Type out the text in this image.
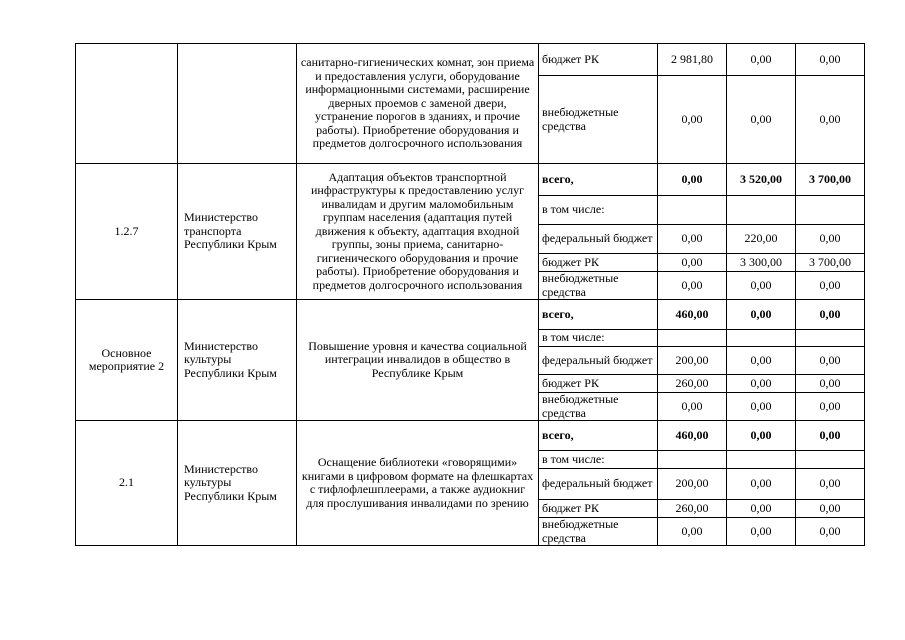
		санитарно-гигиенических комнат, зон приема и предоставления услуги, оборудование информационными системами, расширение дверных проемов с заменой двери, устранение порогов в зданиях, и прочие работы). Приобретение оборудования и предметов долгосрочного использования	бюджет РК	2 981,80	0,00	0,00
			внебюджетные средства	0,00	0,00	0,00
1.2.7	Министерство транспорта Республики Крым	Адаптация объектов транспортной инфраструктуры к предоставлению услуг инвалидам и другим маломобильным группам населения (адаптация путей движения к объекту, адаптация входной группы, зоны приема, санитарно-гигиенического оборудования и прочие работы). Приобретение оборудования и предметов долгосрочного использования	всего,	0,00	3 520,00	3 700,00
			в том числе:			
			федеральный бюджет	0,00	220,00	0,00
			бюджет РК	0,00	3 300,00	3 700,00
			внебюджетные средства	0,00	0,00	0,00
Основное мероприятие 2	Министерство культуры Республики Крым	Повышение уровня и качества социальной интеграции инвалидов в общество в Республике Крым	всего,	460,00	0,00	0,00
			в том числе:			
			федеральный бюджет	200,00	0,00	0,00
			бюджет РК	260,00	0,00	0,00
			внебюджетные средства	0,00	0,00	0,00
2.1	Министерство культуры Республики Крым	Оснащение библиотеки «говорящими» книгами в цифровом формате на флешкартах с тифлофлешплеерами, а также аудиокниг для прослушивания инвалидами по зрению	всего,	460,00	0,00	0,00
			в том числе:			
			федеральный бюджет	200,00	0,00	0,00
			бюджет РК	260,00	0,00	0,00
			внебюджетные средства	0,00	0,00	0,00
